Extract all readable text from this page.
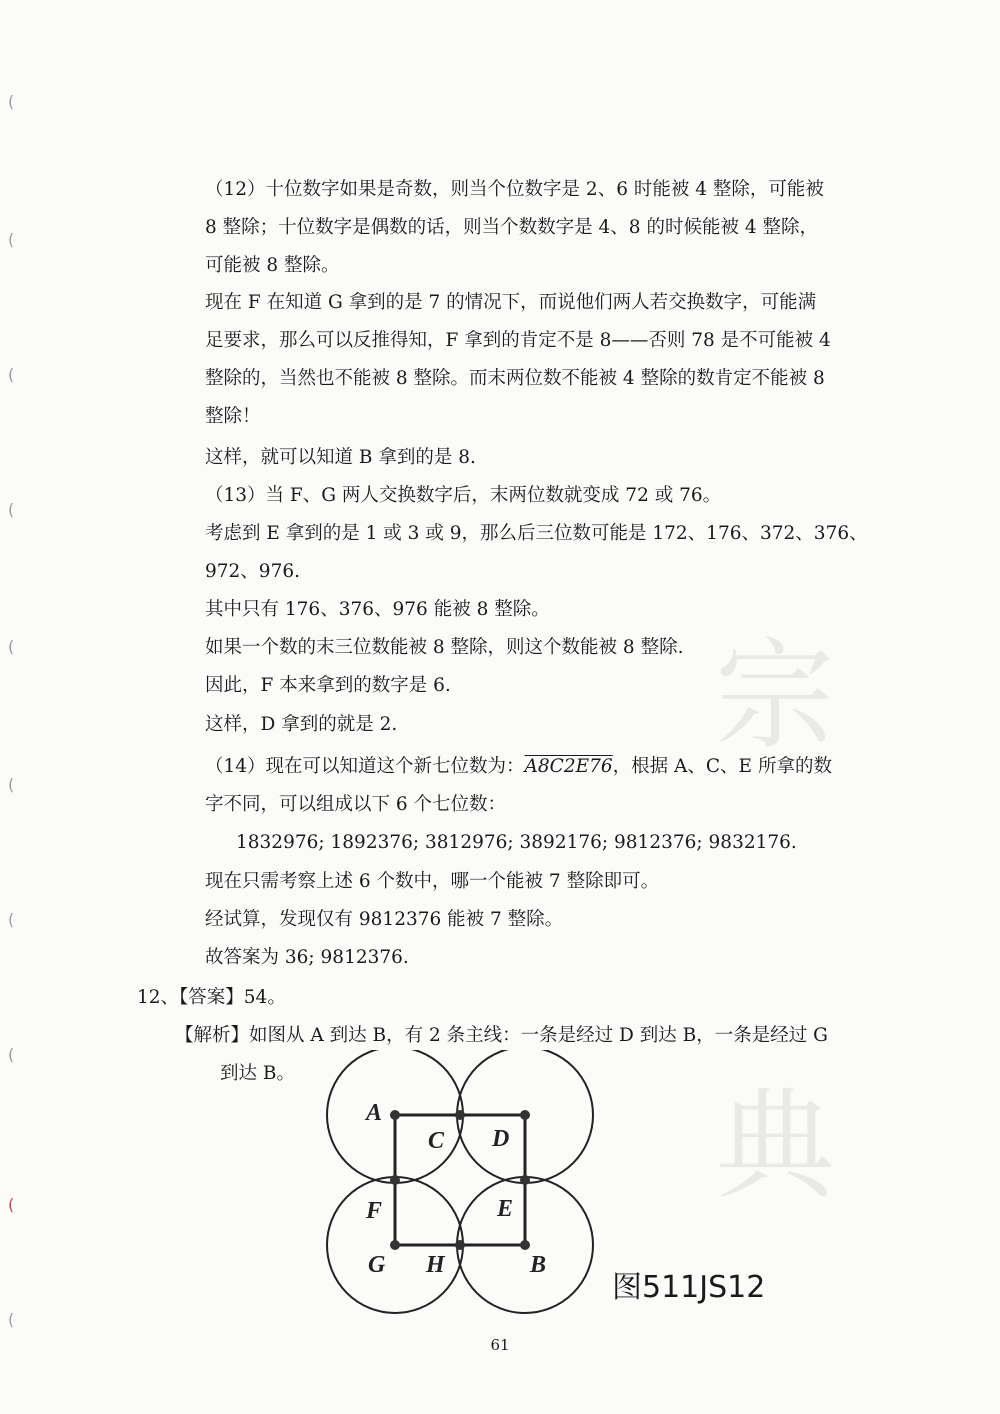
(
(
(
(
(
(
(
(
(
(
宗
典
（12）十位数字如果是奇数，则当个位数字是 2、6 时能被 4 整除，可能被
8 整除；十位数字是偶数的话，则当个数数字是 4、8 的时候能被 4 整除，
可能被 8 整除。
现在 F 在知道 G 拿到的是 7 的情况下，而说他们两人若交换数字，可能满
足要求，那么可以反推得知，F 拿到的肯定不是 8——否则 78 是不可能被 4
整除的，当然也不能被 8 整除。而末两位数不能被 4 整除的数肯定不能被 8
整除！
这样，就可以知道 B 拿到的是 8.
（13）当 F、G 两人交换数字后，末两位数就变成 72 或 76。
考虑到 E 拿到的是 1 或 3 或 9，那么后三位数可能是 172、176、372、376、
972、976.
其中只有 176、376、976 能被 8 整除。
如果一个数的末三位数能被 8 整除，则这个数能被 8 整除.
因此，F 本来拿到的数字是 6.
这样，D 拿到的就是 2.
（14）现在可以知道这个新七位数为：A8C2E76，根据 A、C、E 所拿的数
字不同，可以组成以下 6 个七位数：
1832976; 1892376; 3812976; 3892176; 9812376; 9832176.
现在只需考察上述 6 个数中，哪一个能被 7 整除即可。
经试算，发现仅有 9812376 能被 7 整除。
故答案为 36; 9812376.
12、【答案】54。
【解析】如图从 A 到达 B，有 2 条主线：一条是经过 D 到达 B，一条是经过 G
到达 B。
A
C D
F	E
G H	B
图511JS12
61
